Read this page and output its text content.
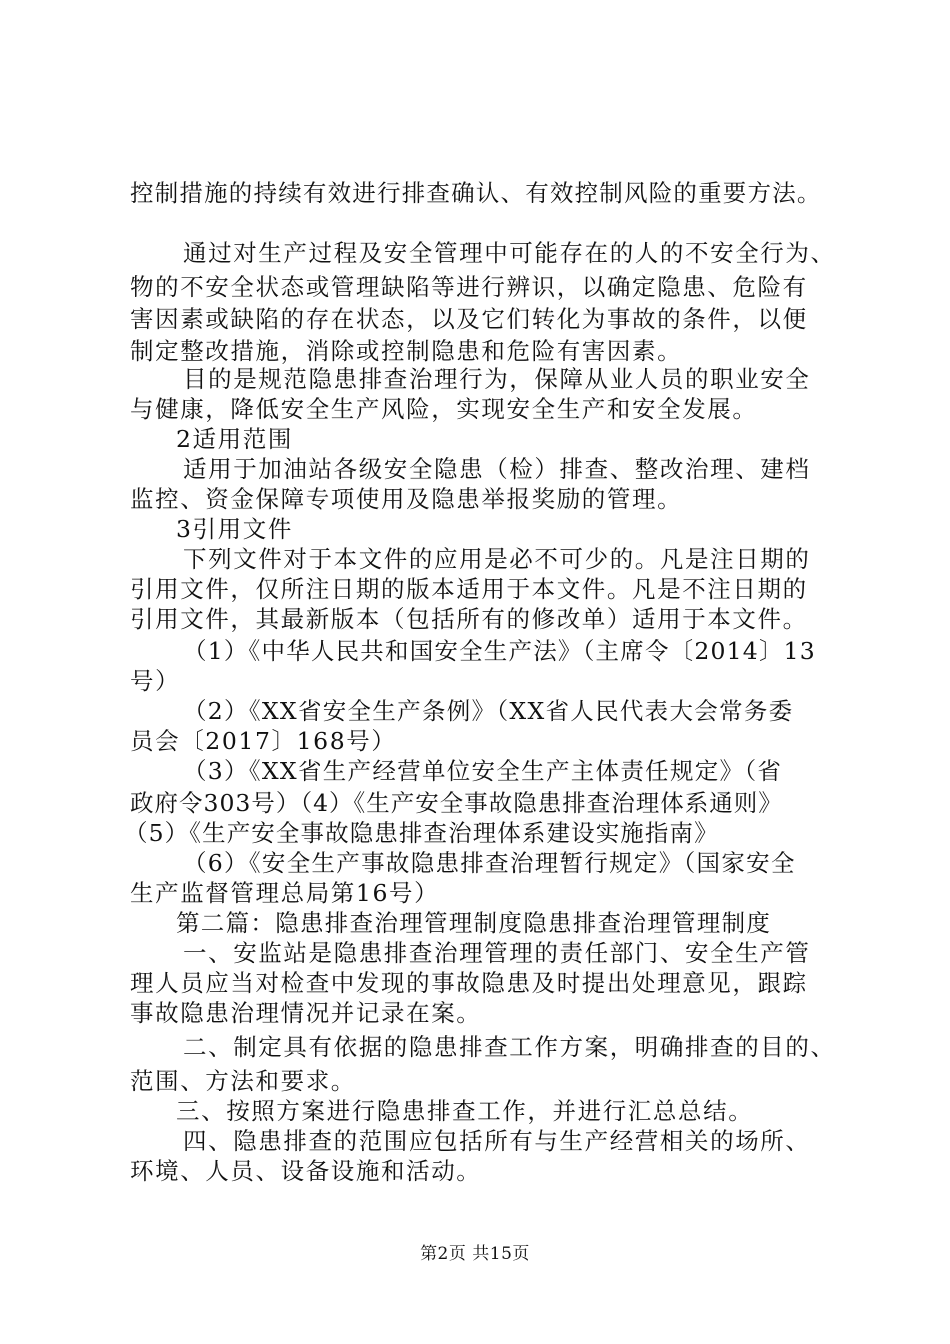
控制措施的持续有效进行排查确认、有效控制风险的重要方法。
通过对生产过程及安全管理中可能存在的人的不安全行为、
物的不安全状态或管理缺陷等进行辨识，以确定隐患、危险有
害因素或缺陷的存在状态，以及它们转化为事故的条件，以便
制定整改措施，消除或控制隐患和危险有害因素。
目的是规范隐患排查治理行为，保障从业人员的职业安全
与健康，降低安全生产风险，实现安全生产和安全发展。
2适用范围
适用于加油站各级安全隐患（检）排查、整改治理、建档
监控、资金保障专项使用及隐患举报奖励的管理。
3引用文件
下列文件对于本文件的应用是必不可少的。凡是注日期的
引用文件，仅所注日期的版本适用于本文件。凡是不注日期的
引用文件，其最新版本（包括所有的修改单）适用于本文件。
（1）《中华人民共和国安全生产法》（主席令〔2014〕13
号）
（2）《XX省安全生产条例》（XX省人民代表大会常务委
员会〔2017〕168号）
（3）《XX省生产经营单位安全生产主体责任规定》（省
政府令303号）（4）《生产安全事故隐患排查治理体系通则》
（5）《生产安全事故隐患排查治理体系建设实施指南》
（6）《安全生产事故隐患排查治理暂行规定》（国家安全
生产监督管理总局第16号）
第二篇：隐患排查治理管理制度隐患排查治理管理制度
一、安监站是隐患排查治理管理的责任部门、安全生产管
理人员应当对检查中发现的事故隐患及时提出处理意见，跟踪
事故隐患治理情况并记录在案。
二、制定具有依据的隐患排查工作方案，明确排查的目的、
范围、方法和要求。
三、按照方案进行隐患排查工作，并进行汇总总结。
四、隐患排查的范围应包括所有与生产经营相关的场所、
环境、人员、设备设施和活动。
第2页 共15页
